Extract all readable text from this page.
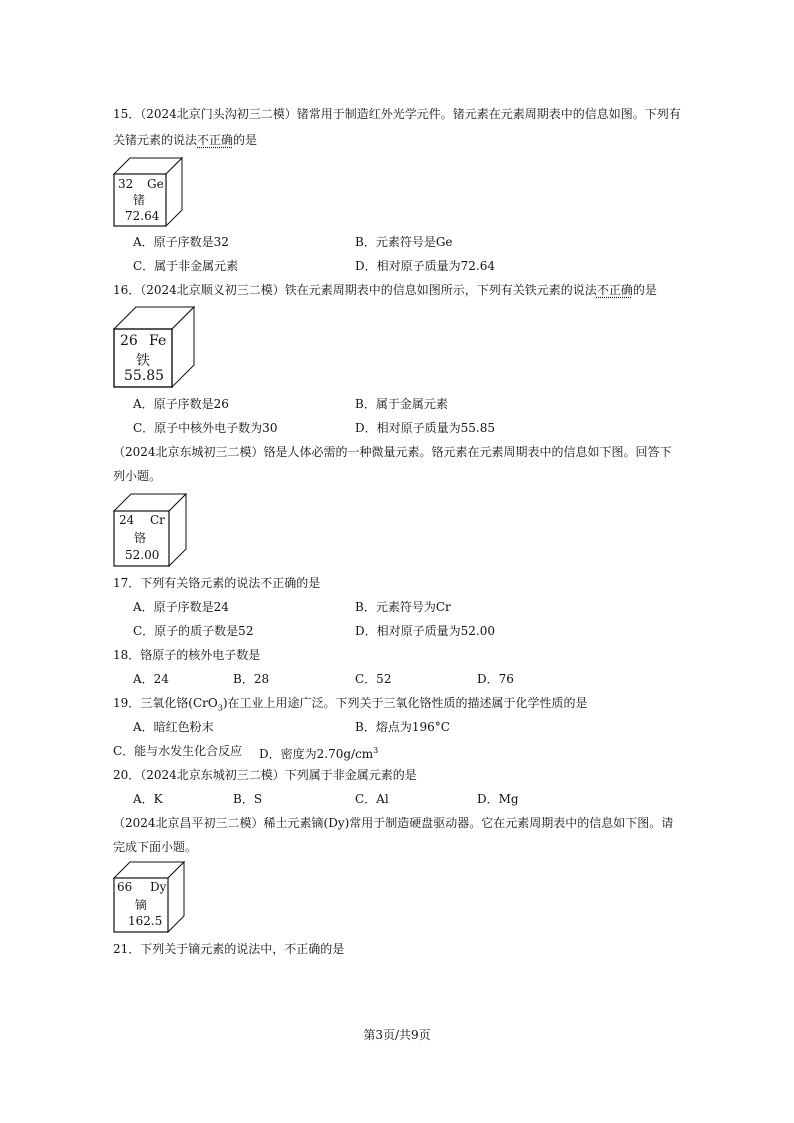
15．（2024北京门头沟初三二模）锗常用于制造红外光学元件。锗元素在元素周期表中的信息如图。下列有
关锗元素的说法不正确的是
32 Ge
锗
72.64
A．原子序数是32	B．元素符号是Ge
C．属于非金属元素	D．相对原子质量为72.64
16．（2024北京顺义初三二模）铁在元素周期表中的信息如图所示，下列有关铁元素的说法不正确的是
26 Fe
铁
55.85
A．原子序数是26	B．属于金属元素
C．原子中核外电子数为30	D．相对原子质量为55.85
（2024北京东城初三二模）铬是人体必需的一种微量元素。铬元素在元素周期表中的信息如下图。回答下
列小题。
24 Cr
铬
52.00
17．下列有关铬元素的说法不正确的是
A．原子序数是24	B．元素符号为Cr
C．原子的质子数是52	D．相对原子质量为52.00
18．铬原子的核外电子数是
A．24	B．28	C．52	D．76
19．三氧化铬(CrO$_3$)在工业上用途广泛。下列关于三氧化铬性质的描述属于化学性质的是
A．暗红色粉末	B．熔点为196°C
C．能与水发生化合反应 D．密度为$2.70g/cm^3$
20．（2024北京东城初三二模）下列属于非金属元素的是
A．K	B．S	C．Al	D．Mg
（2024北京昌平初三二模）稀土元素镝(Dy)常用于制造硬盘驱动器。它在元素周期表中的信息如下图。请
完成下面小题。
66 Dy
镝
162.5
21．下列关于镝元素的说法中，不正确的是
第3页/共9页
